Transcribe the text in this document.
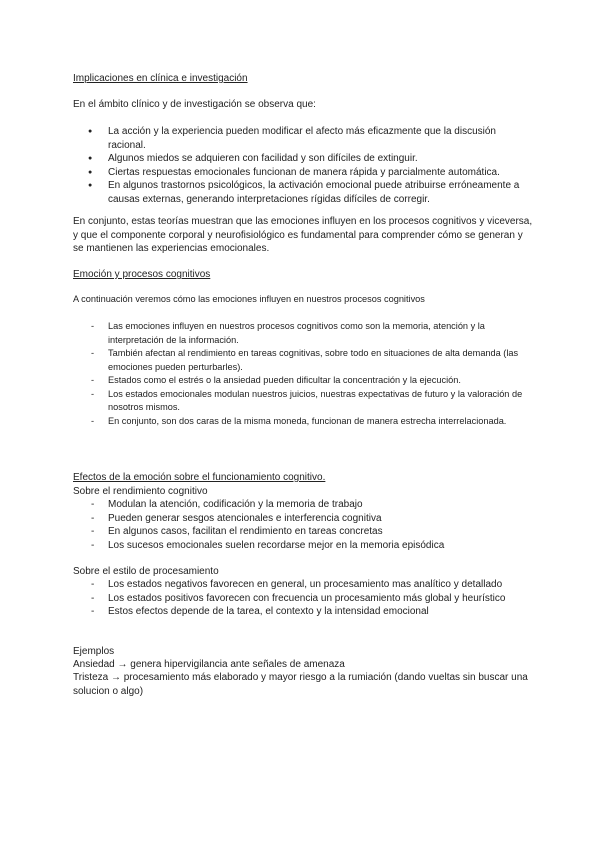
Implicaciones en clínica e investigación

En el ámbito clínico y de investigación se observa que:

● La acción y la experiencia pueden modificar el afecto más eficazmente que la discusión racional.
● Algunos miedos se adquieren con facilidad y son difíciles de extinguir.
● Ciertas respuestas emocionales funcionan de manera rápida y parcialmente automática.
● En algunos trastornos psicológicos, la activación emocional puede atribuirse erróneamente a causas externas, generando interpretaciones rígidas difíciles de corregir.

En conjunto, estas teorías muestran que las emociones influyen en los procesos cognitivos y viceversa, y que el componente corporal y neurofisiológico es fundamental para comprender cómo se generan y se mantienen las experiencias emocionales.

Emoción y procesos cognitivos

A continuación veremos cómo las emociones influyen en nuestros procesos cognitivos

- Las emociones influyen en nuestros procesos cognitivos como son la memoria, atención y la interpretación de la información.
- También afectan al rendimiento en tareas cognitivas, sobre todo en situaciones de alta demanda (las emociones pueden perturbarles).
- Estados como el estrés o la ansiedad pueden dificultar la concentración y la ejecución.
- Los estados emocionales modulan nuestros juicios, nuestras expectativas de futuro y la valoración de nosotros mismos.
- En conjunto, son dos caras de la misma moneda, funcionan de manera estrecha interrelacionada.

Efectos de la emoción sobre el funcionamiento cognitivo.

Sobre el rendimiento cognitivo

- Modulan la atención, codificación y la memoria de trabajo
- Pueden generar sesgos atencionales e interferencia cognitiva
- En algunos casos, facilitan el rendimiento en tareas concretas
- Los sucesos emocionales suelen recordarse mejor en la memoria episódica

Sobre el estilo de procesamiento

- Los estados negativos favorecen en general, un procesamiento mas analítico y detallado
- Los estados positivos favorecen con frecuencia un procesamiento más global y heurístico
- Estos efectos depende de la tarea, el contexto y la intensidad emocional

Ejemplos

Ansiedad → genera hipervigilancia ante señales de amenaza

Tristeza → procesamiento más elaborado y mayor riesgo a la rumiación (dando vueltas sin buscar una solucion o algo)
